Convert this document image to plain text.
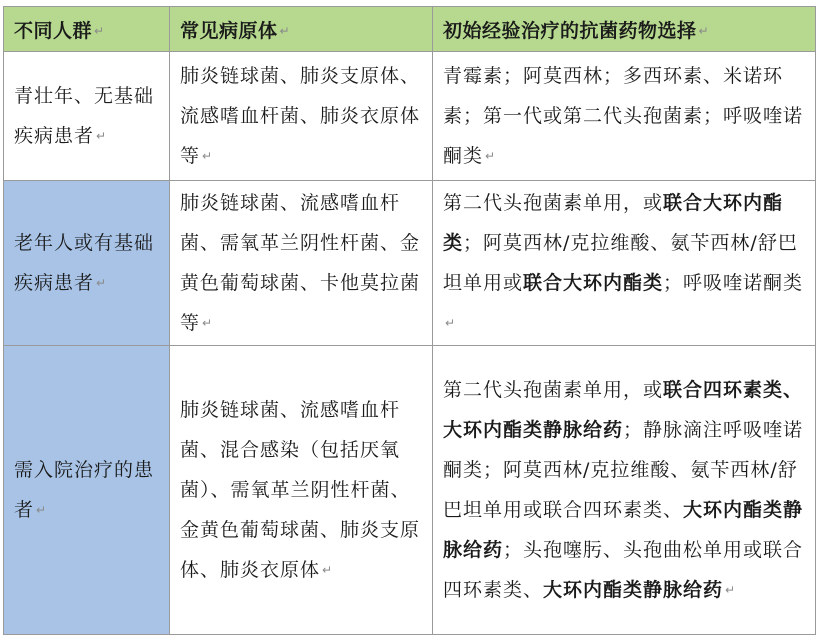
不同人群 ↵	常见病原体 ↵	初始经验治疗的抗菌药物选择 ↵

青壮年、无基础疾病患者 ↵	肺炎链球菌、肺炎支原体、流感嗜血杆菌、肺炎衣原体等 ↵	青霉素；阿莫西林；多西环素、米诺环素；第一代或第二代头孢菌素；呼吸喹诺酮类 ↵

老年人或有基础疾病患者 ↵	肺炎链球菌、流感嗜血杆菌、需氧革兰阴性杆菌、金黄色葡萄球菌、卡他莫拉菌等 ↵	第二代头孢菌素单用，或联合大环内酯类；阿莫西林/克拉维酸、氨苄西林/舒巴坦单用或联合大环内酯类；呼吸喹诺酮类↵

需入院治疗的患者 ↵	肺炎链球菌、流感嗜血杆菌、混合感染（包括厌氧菌）、需氧革兰阴性杆菌、金黄色葡萄球菌、肺炎支原体、肺炎衣原体 ↵	第二代头孢菌素单用，或联合四环素类、大环内酯类静脉给药；静脉滴注呼吸喹诺酮类；阿莫西林/克拉维酸、氨苄西林/舒巴坦单用或联合四环素类、大环内酯类静脉给药；头孢噻肟、头孢曲松单用或联合四环素类、大环内酯类静脉给药 ↵
